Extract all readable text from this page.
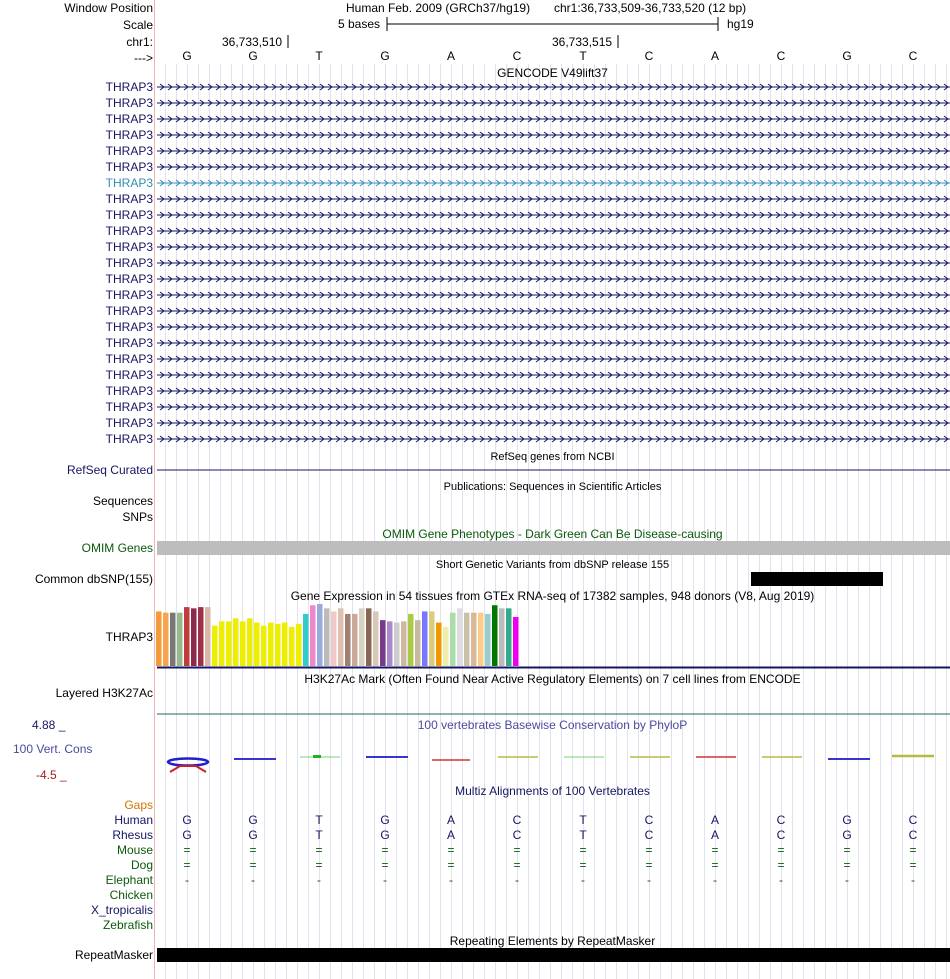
Window Position	Human Feb. 2009 (GRCh37/hg19) chr1:36,733,509-36,733,520 (12 bp)
Scale	5 bases	hg19
chr1:	36,733,510	36,733,515
--->	G	G	T	G	A	C	T	C	A	C	G	C
GENCODE V49lift37
THRAP3
THRAP3
THRAP3
THRAP3
THRAP3
THRAP3
THRAP3
THRAP3
THRAP3
THRAP3
THRAP3
THRAP3
THRAP3
THRAP3
THRAP3
THRAP3
THRAP3
THRAP3
THRAP3
THRAP3
THRAP3
THRAP3
THRAP3
RefSeq genes from NCBI
RefSeq Curated
Publications: Sequences in Scientific Articles
Sequences
SNPs
OMIM Gene Phenotypes - Dark Green Can Be Disease-causing
OMIM Genes
Short Genetic Variants from dbSNP release 155
Common dbSNP(155)
Gene Expression in 54 tissues from GTEx RNA-seq of 17382 samples, 948 donors (V8, Aug 2019)
THRAP3
H3K27Ac Mark (Often Found Near Active Regulatory Elements) on 7 cell lines from ENCODE
Layered H3K27Ac
4.88 _	100 vertebrates Basewise Conservation by PhyloP
100 Vert. Cons
-4.5 _
Multiz Alignments of 100 Vertebrates
Gaps
Human	G	G	T	G	A	C	T	C	A	C	G	C
Rhesus	G	G	T	G	A	C	T	C	A	C	G	C
Mouse	=	=	=	=	=	=	=	=	=	=	=	=
Dog	=	=	=	=	=	=	=	=	=	=	=	=
Elephant	-	-	-	-	-	-	-	-	-	-	-	-
Chicken
X_tropicalis
Zebrafish
Repeating Elements by RepeatMasker
RepeatMasker
